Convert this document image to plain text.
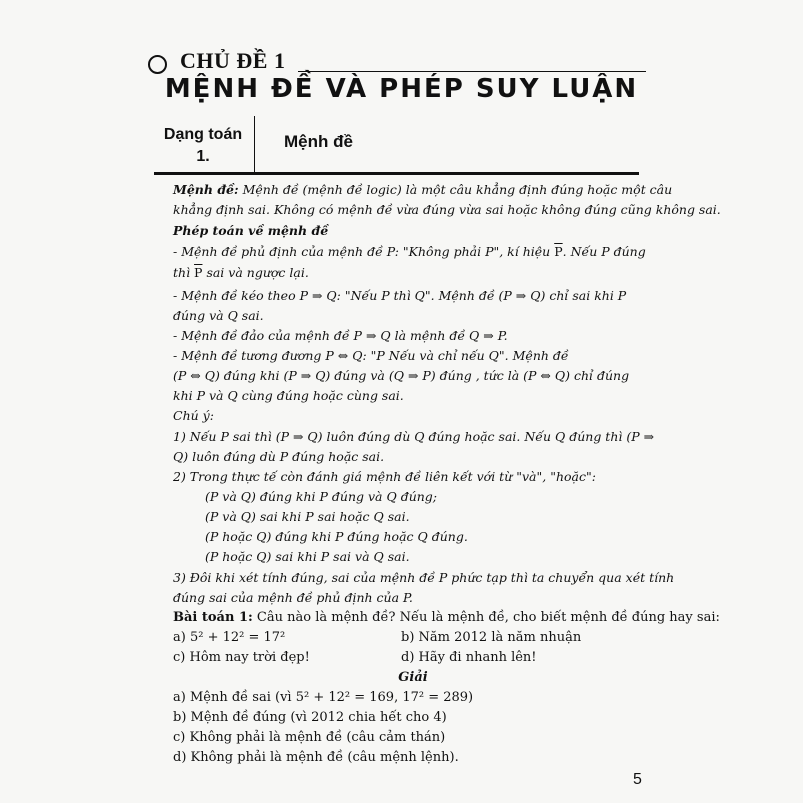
CHỦ ĐỀ 1
MỆNH ĐỀ VÀ PHÉP SUY LUẬN
Dạng toán 1.
Mệnh đề
Mệnh đề: Mệnh đề (mệnh đề logic) là một câu khẳng định đúng hoặc một câu
khẳng định sai. Không có mệnh đề vừa đúng vừa sai hoặc không đúng cũng không sai.
Phép toán về mệnh đề
- Mệnh đề phủ định của mệnh đề P: "Không phải P", kí hiệu $\overline{P}$. Nếu P đúng
thì $\overline{P}$ sai và ngược lại.
- Mệnh đề kéo theo P ⇒ Q: "Nếu P thì Q". Mệnh đề (P ⇒ Q) chỉ sai khi P
đúng và Q sai.
- Mệnh đề đảo của mệnh đề P ⇒ Q là mệnh đề Q ⇒ P.
- Mệnh đề tương đương P ⇔ Q: "P Nếu và chỉ nếu Q". Mệnh đề
(P ⇔ Q) đúng khi (P ⇒ Q) đúng và (Q ⇒ P) đúng , tức là (P ⇔ Q) chỉ đúng
khi P và Q cùng đúng hoặc cùng sai.
Chú ý:
1) Nếu P sai thì (P ⇒ Q) luôn đúng dù Q đúng hoặc sai. Nếu Q đúng thì (P ⇒
Q) luôn đúng dù P đúng hoặc sai.
2) Trong thực tế còn đánh giá mệnh đề liên kết với từ "và", "hoặc":
(P và Q) đúng khi P đúng và Q đúng;
(P và Q) sai khi P sai hoặc Q sai.
(P hoặc Q) đúng khi P đúng hoặc Q đúng.
(P hoặc Q) sai khi P sai và Q sai.
3) Đôi khi xét tính đúng, sai của mệnh đề P phức tạp thì ta chuyển qua xét tính
đúng sai của mệnh đề phủ định của P.
Bài toán 1: Câu nào là mệnh đề? Nếu là mệnh đề, cho biết mệnh đề đúng hay sai:
a) 5² + 12² = 17²	b) Năm 2012 là năm nhuận
c) Hôm nay trời đẹp!	d) Hãy đi nhanh lên!
Giải
a) Mệnh đề sai (vì 5² + 12² = 169, 17² = 289)
b) Mệnh đề đúng (vì 2012 chia hết cho 4)
c) Không phải là mệnh đề (câu cảm thán)
d) Không phải là mệnh đề (câu mệnh lệnh).
5
